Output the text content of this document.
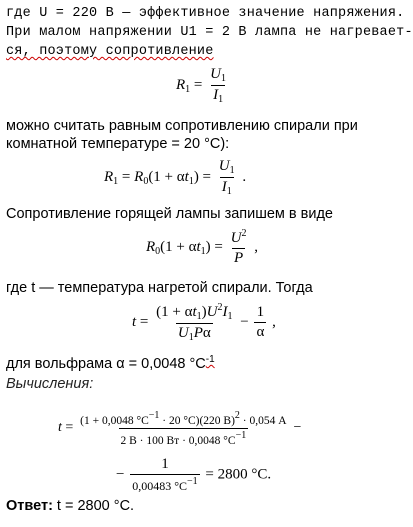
где U = 220 В — эффективное значение напряжения.
При малом напряжении U1 = 2 В лампа не нагревает-
ся, поэтому сопротивление
$R_1 = \frac{U_1}{I_1}$
можно считать равным сопротивлению спирали при
комнатной температуре = 20 °С):
$R_1 = R_0(1 + \alpha t_1) = \frac{U_1}{I_1}$ .
Сопротивление горящей лампы запишем в виде
$R_0(1 + \alpha t_1) = \frac{U^2}{P}$ ,
где t — температура нагретой спирали. Тогда
$t = \frac{(1 + \alpha t_1)U^2I_1}{U_1P\alpha} - \frac{1}{\alpha}$ ,
для вольфрама α = 0,0048 $^\circ С^{-1}$
Вычисления:
$t = \frac{(1 + 0,0048 ^\circ С^{-1} \cdot 20 ^\circ С)(220 В)^2 \cdot 0,054 А}{2 В \cdot 100 Вт \cdot 0,0048 ^\circ С^{-1}}$ −
− $\frac{1}{0,00483 ^\circ С^{-1}} = 2800$ °С.
Ответ: t = 2800 °С.
